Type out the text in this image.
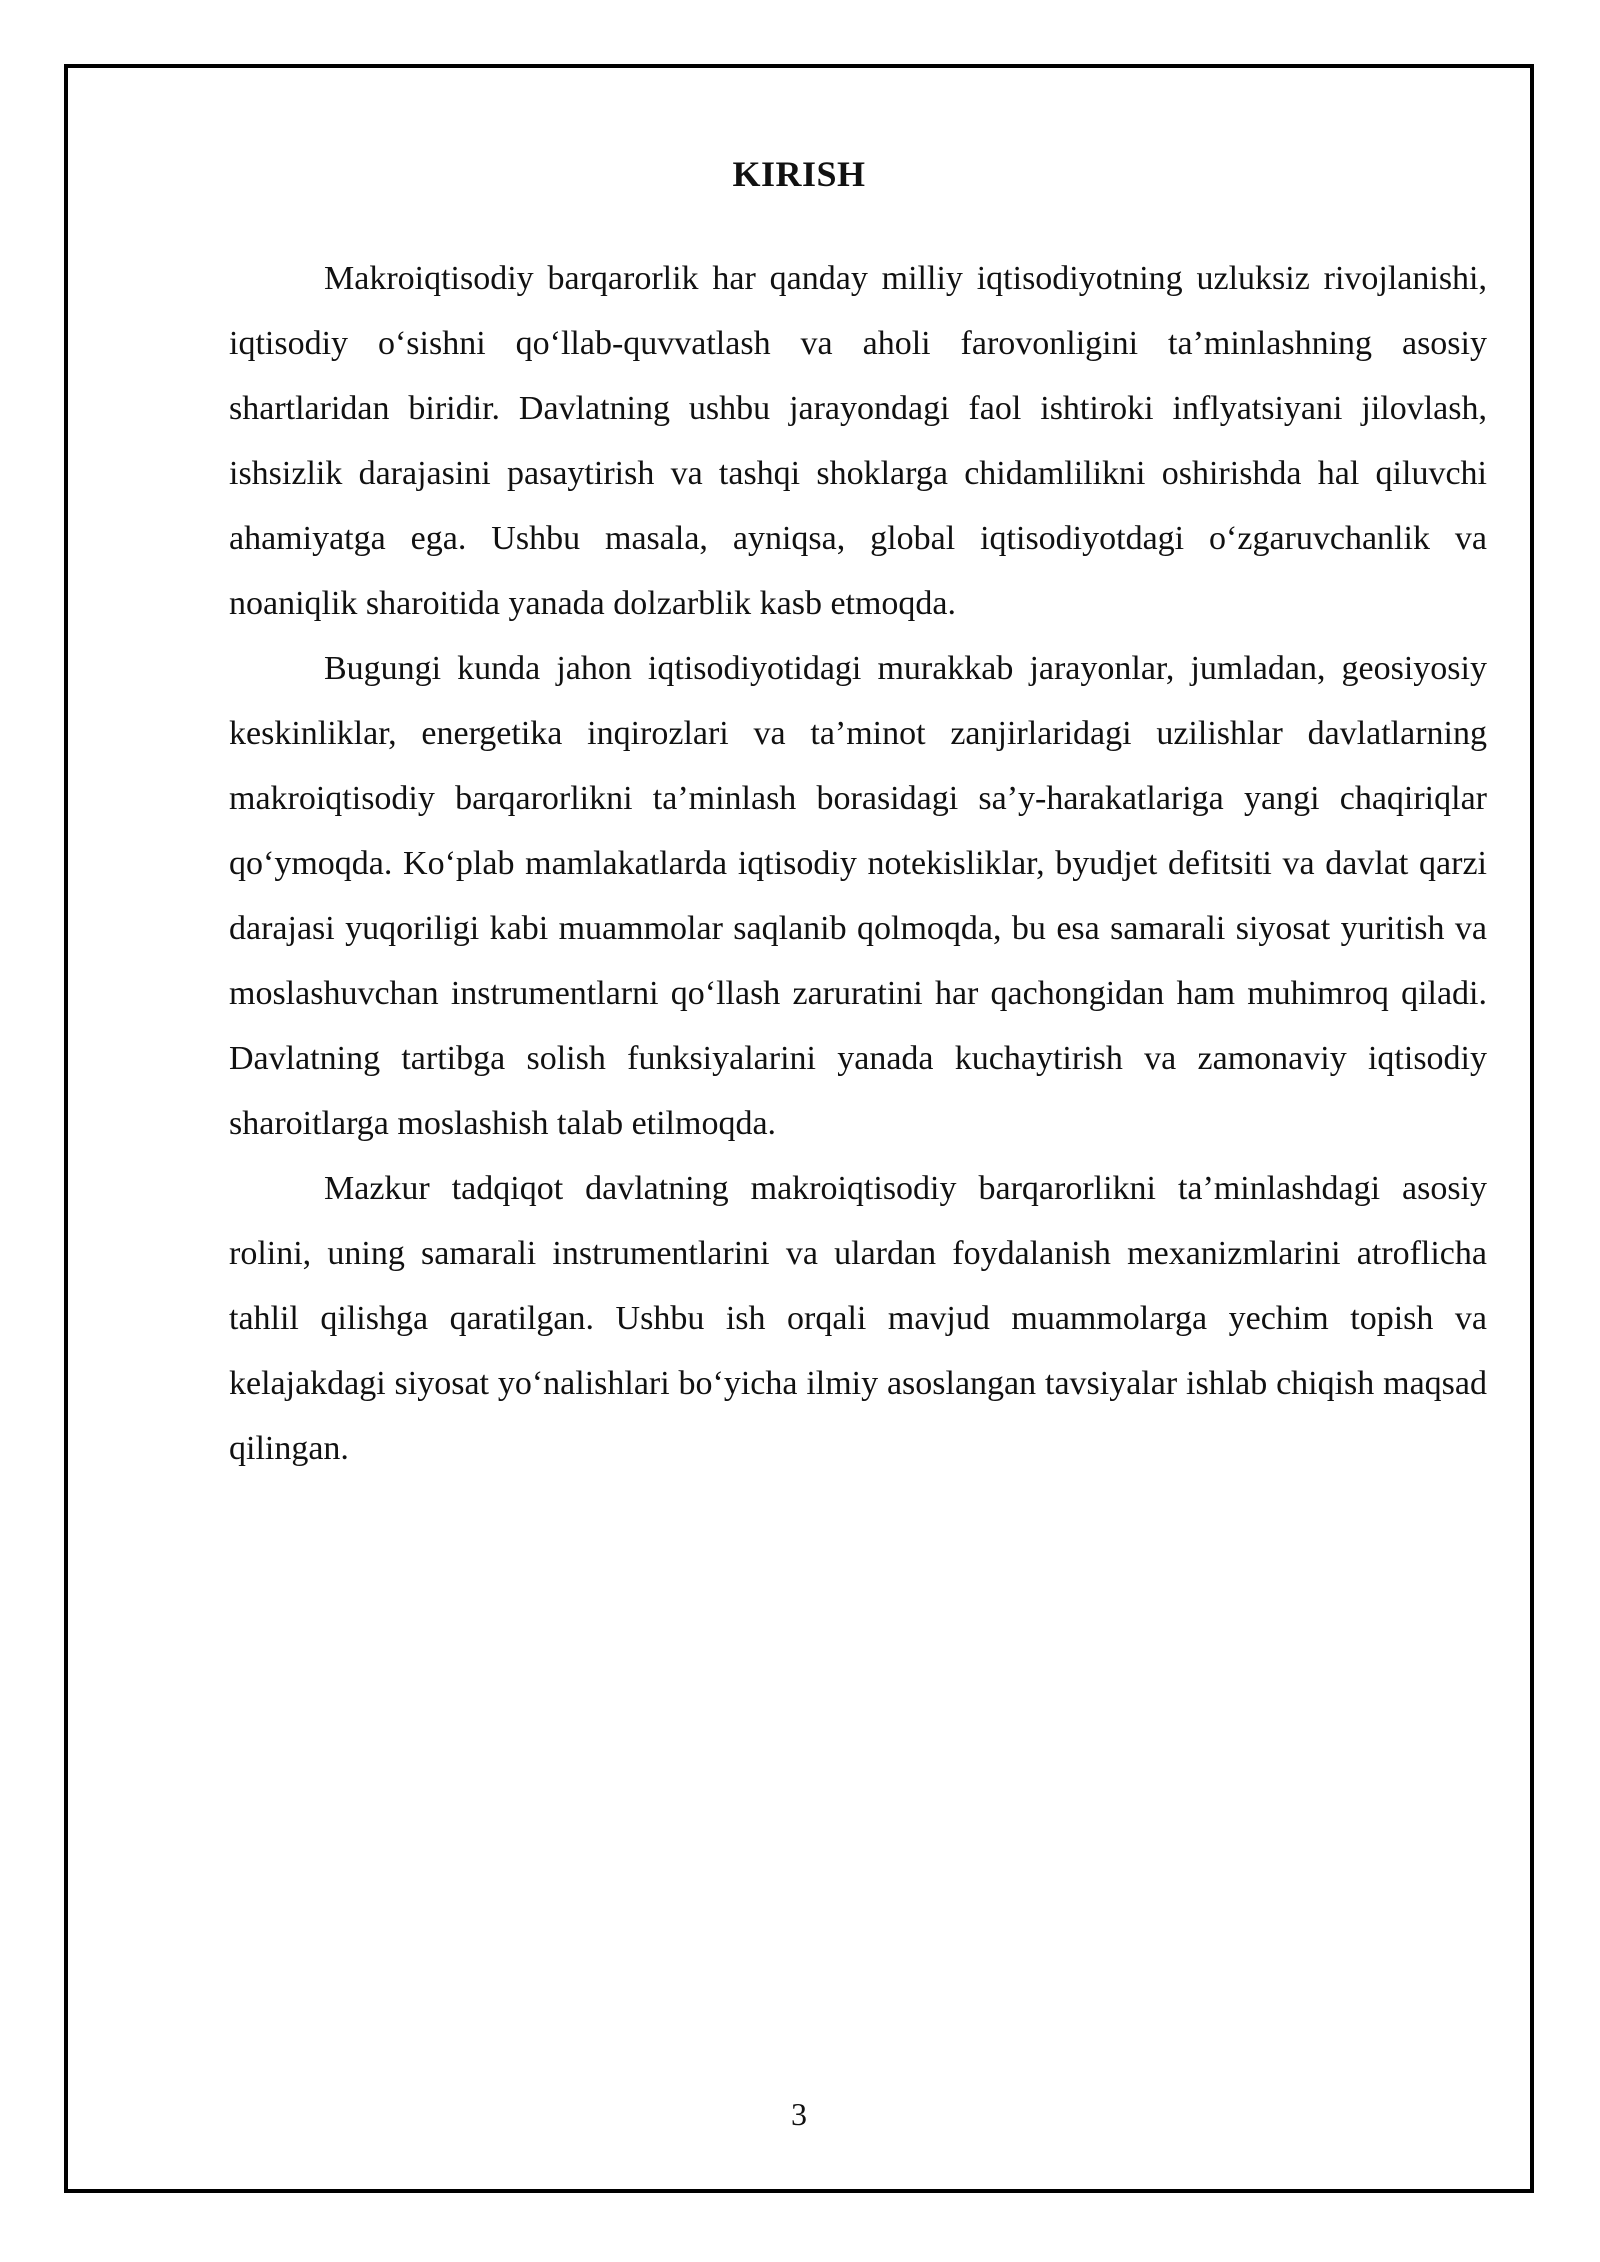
KIRISH

Makroiqtisodiy barqarorlik har qanday milliy iqtisodiyotning uzluksiz rivojlanishi, iqtisodiy o‘sishni qo‘llab-quvvatlash va aholi farovonligini ta’minlashning asosiy shartlaridan biridir. Davlatning ushbu jarayondagi faol ishtiroki inflyatsiyani jilovlash, ishsizlik darajasini pasaytirish va tashqi shoklarga chidamlilikni oshirishda hal qiluvchi ahamiyatga ega. Ushbu masala, ayniqsa, global iqtisodiyotdagi o‘zgaruvchanlik va noaniqlik sharoitida yanada dolzarblik kasb etmoqda.

Bugungi kunda jahon iqtisodiyotidagi murakkab jarayonlar, jumladan, geosiyosiy keskinliklar, energetika inqirozlari va ta’minot zanjirlaridagi uzilishlar davlatlarning makroiqtisodiy barqarorlikni ta’minlash borasidagi sa’y-harakatlariga yangi chaqiriqlar qo‘ymoqda. Ko‘plab mamlakatlarda iqtisodiy notekisliklar, byudjet defitsiti va davlat qarzi darajasi yuqoriligi kabi muammolar saqlanib qolmoqda, bu esa samarali siyosat yuritish va moslashuvchan instrumentlarni qo‘llash zaruratini har qachongidan ham muhimroq qiladi. Davlatning tartibga solish funksiyalarini yanada kuchaytirish va zamonaviy iqtisodiy sharoitlarga moslashish talab etilmoqda.

Mazkur tadqiqot davlatning makroiqtisodiy barqarorlikni ta’minlashdagi asosiy rolini, uning samarali instrumentlarini va ulardan foydalanish mexanizmlarini atroflicha tahlil qilishga qaratilgan. Ushbu ish orqali mavjud muammolarga yechim topish va kelajakdagi siyosat yo‘nalishlari bo‘yicha ilmiy asoslangan tavsiyalar ishlab chiqish maqsad qilingan.

3
